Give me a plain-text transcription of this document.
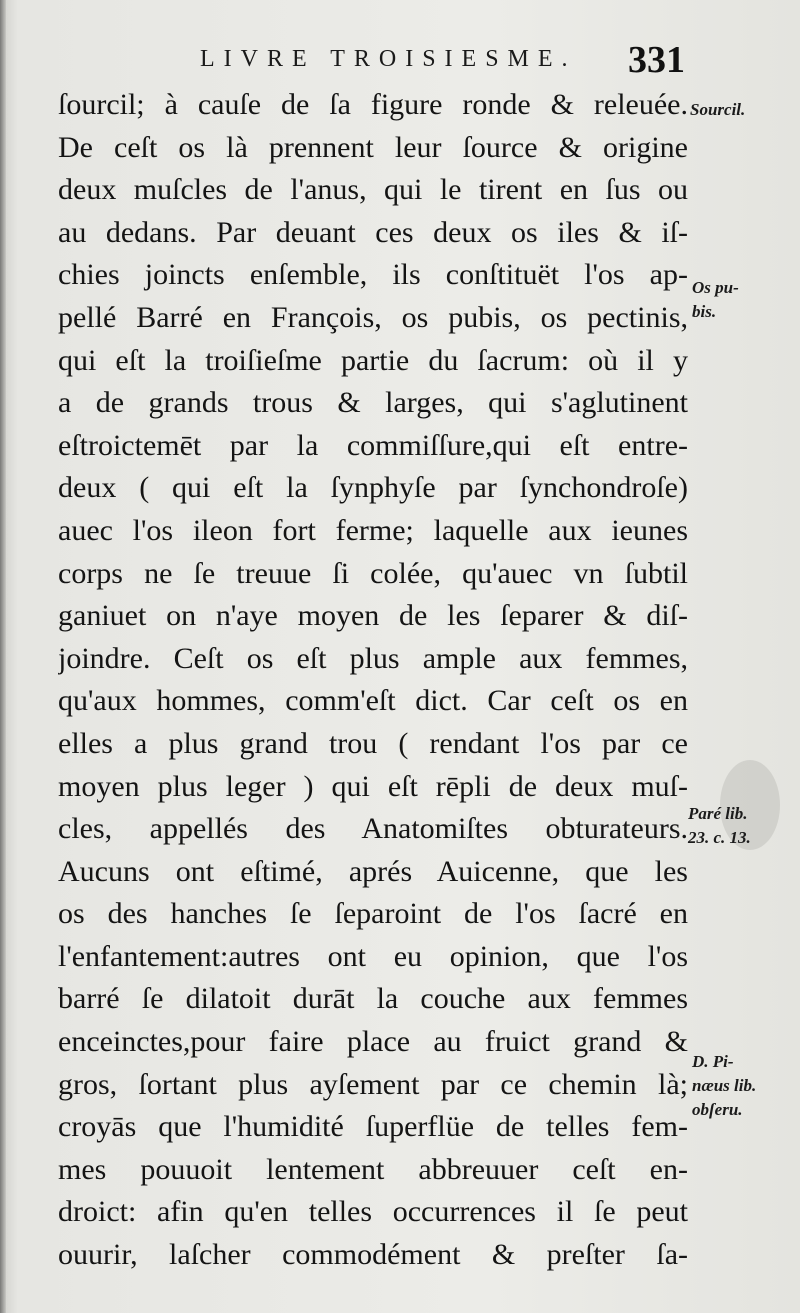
LIVRE TROISIESME. 331
ſourcil; à cauſe de ſa figure ronde & releuée.
De ceſt os là prennent leur ſource & origine
deux muſcles de l'anus, qui le tirent en ſus ou
au dedans. Par deuant ces deux os iles & iſ-
chies joincts enſemble, ils conſtituët l'os ap-
pellé Barré en François, os pubis, os pectinis,
qui eſt la troiſieſme partie du ſacrum: où il y
a de grands trous & larges, qui s'aglutinent
eſtroictemēt par la commiſſure,qui eſt entre-
deux ( qui eſt la ſynphyſe par ſynchondroſe)
auec l'os ileon fort ferme; laquelle aux ieunes
corps ne ſe treuue ſi colée, qu'auec vn ſubtil
ganiuet on n'aye moyen de les ſeparer & diſ-
joindre. Ceſt os eſt plus ample aux femmes,
qu'aux hommes, comm'eſt dict. Car ceſt os en
elles a plus grand trou ( rendant l'os par ce
moyen plus leger ) qui eſt rēpli de deux muſ-
cles, appellés des Anatomiſtes obturateurs.
Aucuns ont eſtimé, aprés Auicenne, que les
os des hanches ſe ſeparoint de l'os ſacré en
l'enfantement:autres ont eu opinion, que l'os
barré ſe dilatoit durāt la couche aux femmes
enceinctes,pour faire place au fruict grand &
gros, ſortant plus ayſement par ce chemin là;
croyās que l'humidité ſuperflüe de telles fem-
mes pouuoit lentement abbreuuer ceſt en-
droict: afin qu'en telles occurrences il ſe peut
ouurir, laſcher commodément & preſter ſa-
Sourcil.
Os pu-
bis.
Paré lib.
23. c. 13.
D. Pi-
næus lib.
obſeru.
